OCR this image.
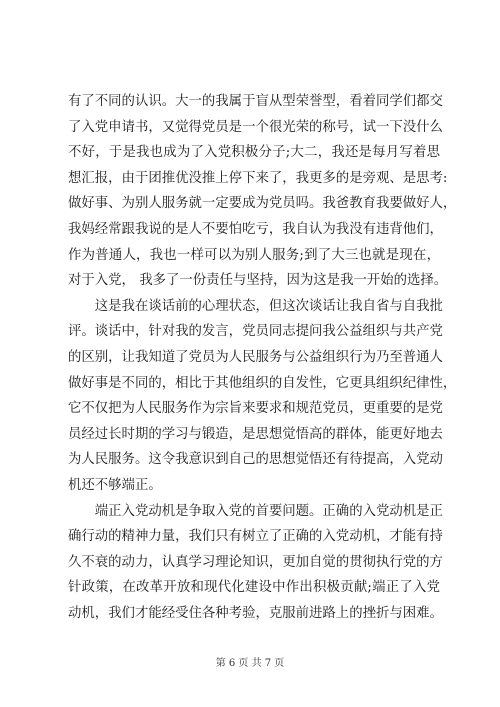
有了不同的认识。大一的我属于盲从型荣誉型，看着同学们都交
了入党申请书，又觉得党员是一个很光荣的称号，试一下没什么
不好，于是我也成为了入党积极分子;大二，我还是每月写着思
想汇报，由于团推优没推上停下来了，我更多的是旁观、是思考:
做好事、为别人服务就一定要成为党员吗。我爸教育我要做好人，
我妈经常跟我说的是人不要怕吃亏，我自认为我没有违背他们，
作为普通人，我也一样可以为别人服务;到了大三也就是现在，
对于入党， 我多了一份责任与坚持，因为这是我一开始的选择。
　　这是我在谈话前的心理状态，但这次谈话让我自省与自我批
评。谈话中，针对我的发言，党员同志提问我公益组织与共产党
的区别，让我知道了党员为人民服务与公益组织行为乃至普通人
做好事是不同的，相比于其他组织的自发性，它更具组织纪律性，
它不仅把为人民服务作为宗旨来要求和规范党员，更重要的是党
员经过长时期的学习与锻造，是思想觉悟高的群体，能更好地去
为人民服务。这令我意识到自己的思想觉悟还有待提高，入党动
机还不够端正。
　　端正入党动机是争取入党的首要问题。正确的入党动机是正
确行动的精神力量，我们只有树立了正确的入党动机，才能有持
久不衰的动力，认真学习理论知识，更加自觉的贯彻执行党的方
针政策，在改革开放和现代化建设中作出积极贡献;端正了入党
动机，我们才能经受住各种考验，克服前进路上的挫折与困难。
第 6 页 共 7 页
